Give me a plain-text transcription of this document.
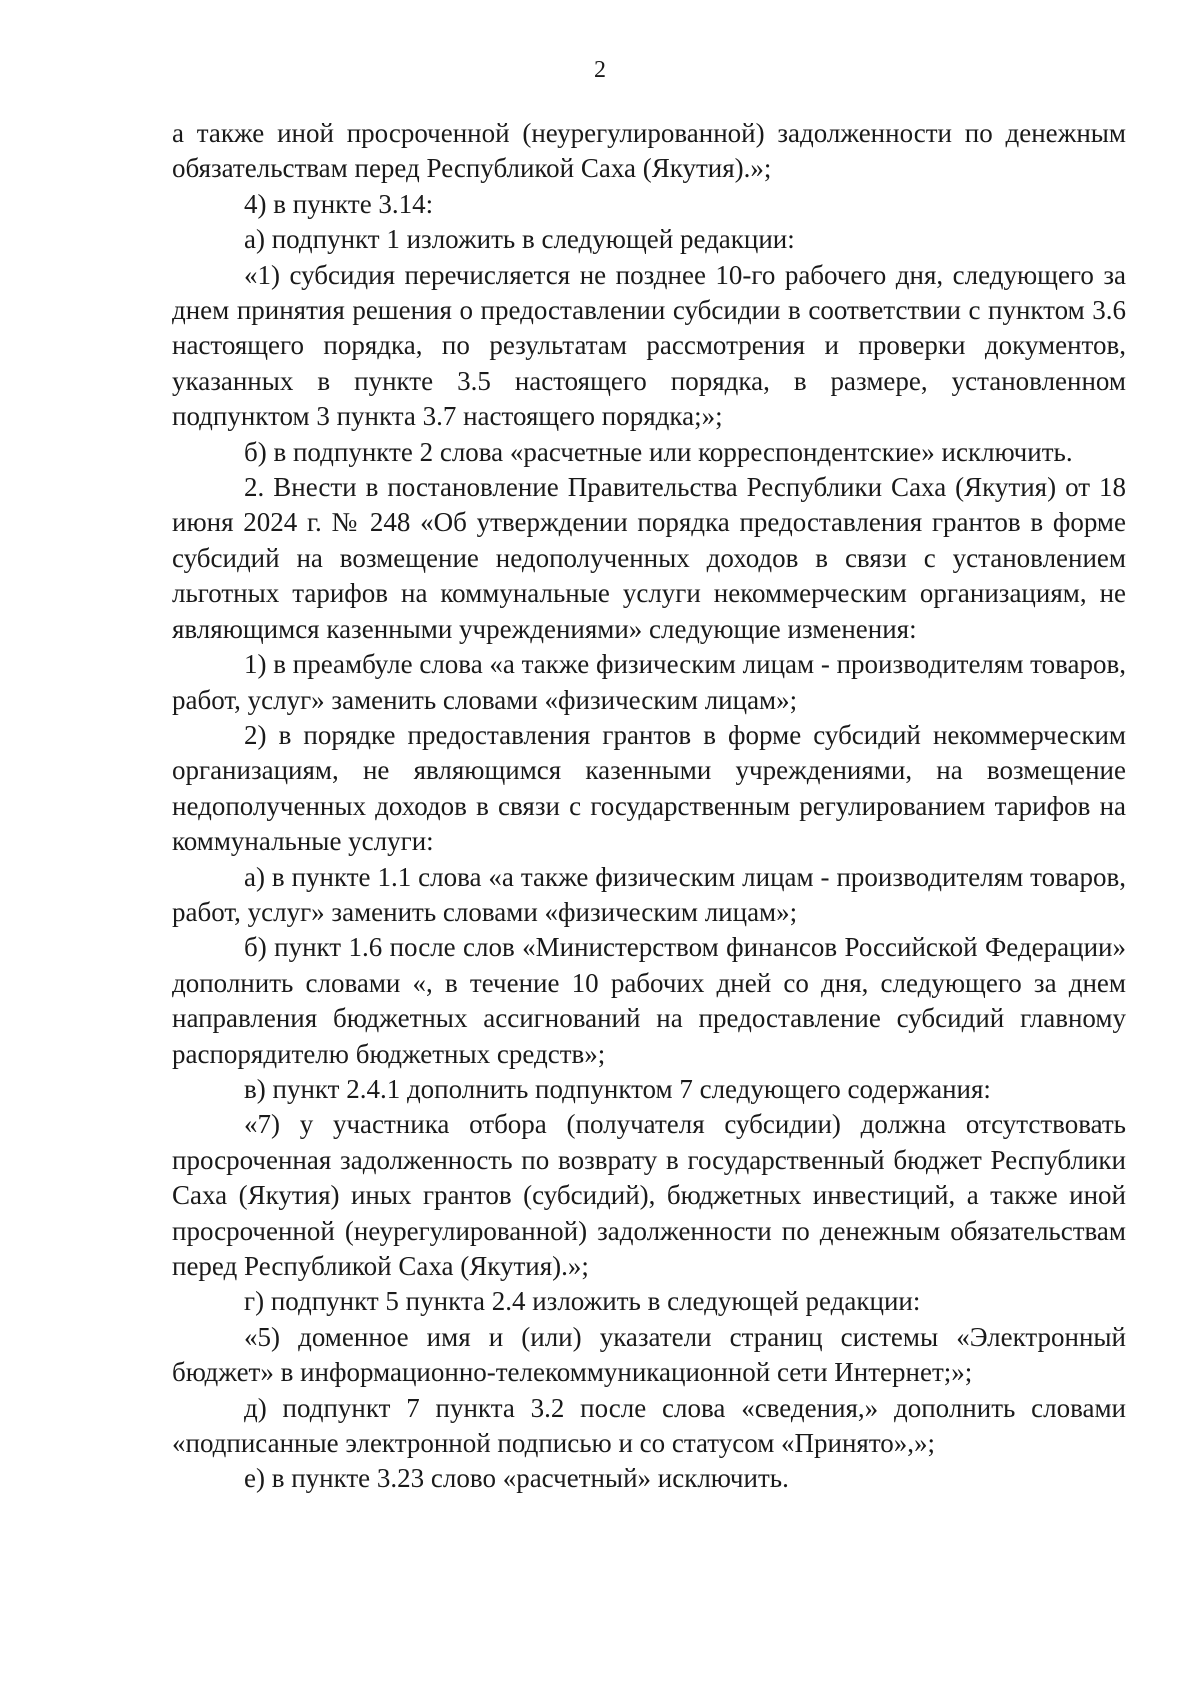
2

а также иной просроченной (неурегулированной) задолженности по денежным обязательствам перед Республикой Саха (Якутия).»;

4) в пункте 3.14:

а) подпункт 1 изложить в следующей редакции:

«1) субсидия перечисляется не позднее 10-го рабочего дня, следующего за днем принятия решения о предоставлении субсидии в соответствии с пунктом 3.6 настоящего порядка, по результатам рассмотрения и проверки документов, указанных в пункте 3.5 настоящего порядка, в размере, установленном подпунктом 3 пункта 3.7 настоящего порядка;»;

б) в подпункте 2 слова «расчетные или корреспондентские» исключить.

2. Внести в постановление Правительства Республики Саха (Якутия) от 18 июня 2024 г. № 248 «Об утверждении порядка предоставления грантов в форме субсидий на возмещение недополученных доходов в связи с установлением льготных тарифов на коммунальные услуги некоммерческим организациям, не являющимся казенными учреждениями» следующие изменения:

1) в преамбуле слова «а также физическим лицам - производителям товаров, работ, услуг» заменить словами «физическим лицам»;

2) в порядке предоставления грантов в форме субсидий некоммерческим организациям, не являющимся казенными учреждениями, на возмещение недополученных доходов в связи с государственным регулированием тарифов на коммунальные услуги:

а) в пункте 1.1 слова «а также физическим лицам - производителям товаров, работ, услуг» заменить словами «физическим лицам»;

б) пункт 1.6 после слов «Министерством финансов Российской Федерации» дополнить словами «, в течение 10 рабочих дней со дня, следующего за днем направления бюджетных ассигнований на предоставление субсидий главному распорядителю бюджетных средств»;

в) пункт 2.4.1 дополнить подпунктом 7 следующего содержания:

«7) у участника отбора (получателя субсидии) должна отсутствовать просроченная задолженность по возврату в государственный бюджет Республики Саха (Якутия) иных грантов (субсидий), бюджетных инвестиций, а также иной просроченной (неурегулированной) задолженности по денежным обязательствам перед Республикой Саха (Якутия).»;

г) подпункт 5 пункта 2.4 изложить в следующей редакции:

«5) доменное имя и (или) указатели страниц системы «Электронный бюджет» в информационно-телекоммуникационной сети Интернет;»;

д) подпункт 7 пункта 3.2 после слова «сведения,» дополнить словами «подписанные электронной подписью и со статусом «Принято»,»;

е) в пункте 3.23 слово «расчетный» исключить.
